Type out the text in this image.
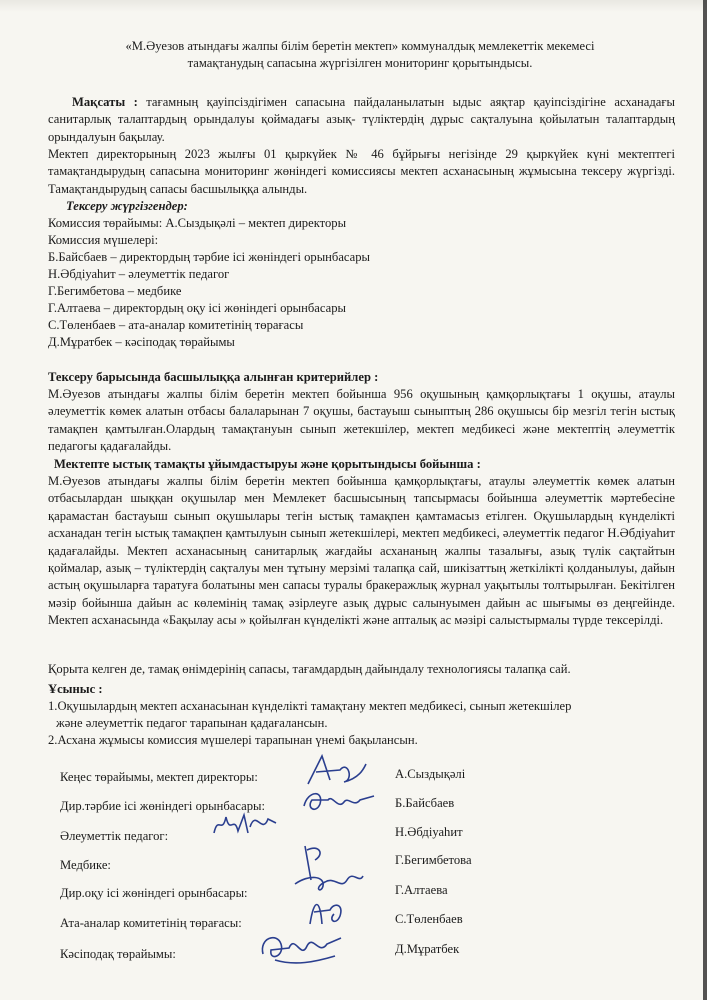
«М.Әуезов атындағы жалпы білім беретін мектеп» коммуналдық мемлекеттік мекемесі
тамақтанудың сапасына жүргізілген мониторинг қорытындысы.
Мақсаты : тағамның қауіпсіздігімен сапасына пайдаланылатын ыдыс аяқтар қауіпсіздігіне асханадағы санитарлық талаптардың орындалуы қоймадағы азық- түліктердің дұрыс сақталуына қойылатын талаптардың орындалуын бақылау.
Мектеп директорының 2023 жылғы 01 қыркүйек № 46 бұйрығы негізінде 29 қыркүйек күні мектептегі тамақтандырудың сапасына мониторинг жөніндегі комиссиясы мектеп асханасының жұмысына тексеру жүргізді. Тамақтандырудың сапасы басшылыққа алынды.
Тексеру жүргізгендер:
Комиссия төрайымы: А.Сыздықәлі – мектеп директоры
Комиссия мүшелері:
Б.Байсбаев – директордың тәрбие ісі жөніндегі орынбасары
Н.Әбдіуаһит – әлеуметтік педагог
Г.Бегимбетова – медбике
Г.Алтаева – директордың оқу ісі жөніндегі орынбасары
С.Төленбаев – ата-аналар комитетінің төрағасы
Д.Мұратбек – кәсіподақ төрайымы
Тексеру барысында басшылыққа алынған критерийлер :
М.Әуезов атындағы жалпы білім беретін мектеп бойынша 956 оқушының қамқорлықтағы 1 оқушы, атаулы әлеуметтік көмек алатын отбасы балаларынан 7 оқушы, бастауыш сыныптың 286 оқушысы бір мезгіл тегін ыстық тамақпен қамтылған.Олардың тамақтануын сынып жетекшілер, мектеп медбикесі және мектептің әлеуметтік педагогы қадағалайды.
Мектепте ыстық тамақты ұйымдастыруы және қорытындысы бойынша :
М.Әуезов атындағы жалпы білім беретін мектеп бойынша қамқорлықтағы, атаулы әлеуметтік көмек алатын отбасылардан шыққан оқушылар мен Мемлекет басшысының тапсырмасы бойынша әлеуметтік мәртебесіне қарамастан бастауыш сынып оқушылары тегін ыстық тамақпен қамтамасыз етілген. Оқушылардың күнделікті асханадан тегін ыстық тамақпен қамтылуын сынып жетекшілері, мектеп медбикесі, әлеуметтік педагог Н.Әбдіуаһит қадағалайды. Мектеп асханасының санитарлық жағдайы асхананың жалпы тазалығы, азық түлік сақтайтын қоймалар, азық – түліктердің сақталуы мен тұтыну мерзімі талапқа сай, шикізаттың жеткілікті қолданылуы, дайын астың оқушыларға таратуға болатыны мен сапасы туралы бракеражлық журнал уақытылы толтырылған. Бекітілген мәзір бойынша дайын ас көлемінің тамақ әзірлеуге азық дұрыс салынуымен дайын ас шығымы өз деңгейінде. Мектеп асханасында «Бақылау асы » қойылған күнделікті және апталық ас мәзірі салыстырмалы түрде тексерілді.
Қорыта келген де, тамақ өнімдерінің сапасы, тағамдардың дайындалу технологиясы талапқа сай.
Ұсыныс :
1.Оқушылардың мектеп асханасынан күнделікті тамақтану мектеп медбикесі, сынып жетекшілер
және әлеуметтік педагог тарапынан қадағалансын.
2.Асхана жұмысы комиссия мүшелері тарапынан үнемі бақылансын.
Кеңес төрайымы, мектеп директоры:	А.Сыздықәлі
Дир.тәрбие ісі жөніндегі орынбасары:	Б.Байсбаев
Әлеуметтік педагог:	Н.Әбдіуаһит
Медбике:	Г.Бегимбетова
Дир.оқу ісі жөніндегі орынбасары:	Г.Алтаева
Ата-аналар комитетінің төрағасы:	С.Төленбаев
Кәсіподақ төрайымы:	Д.Мұратбек
